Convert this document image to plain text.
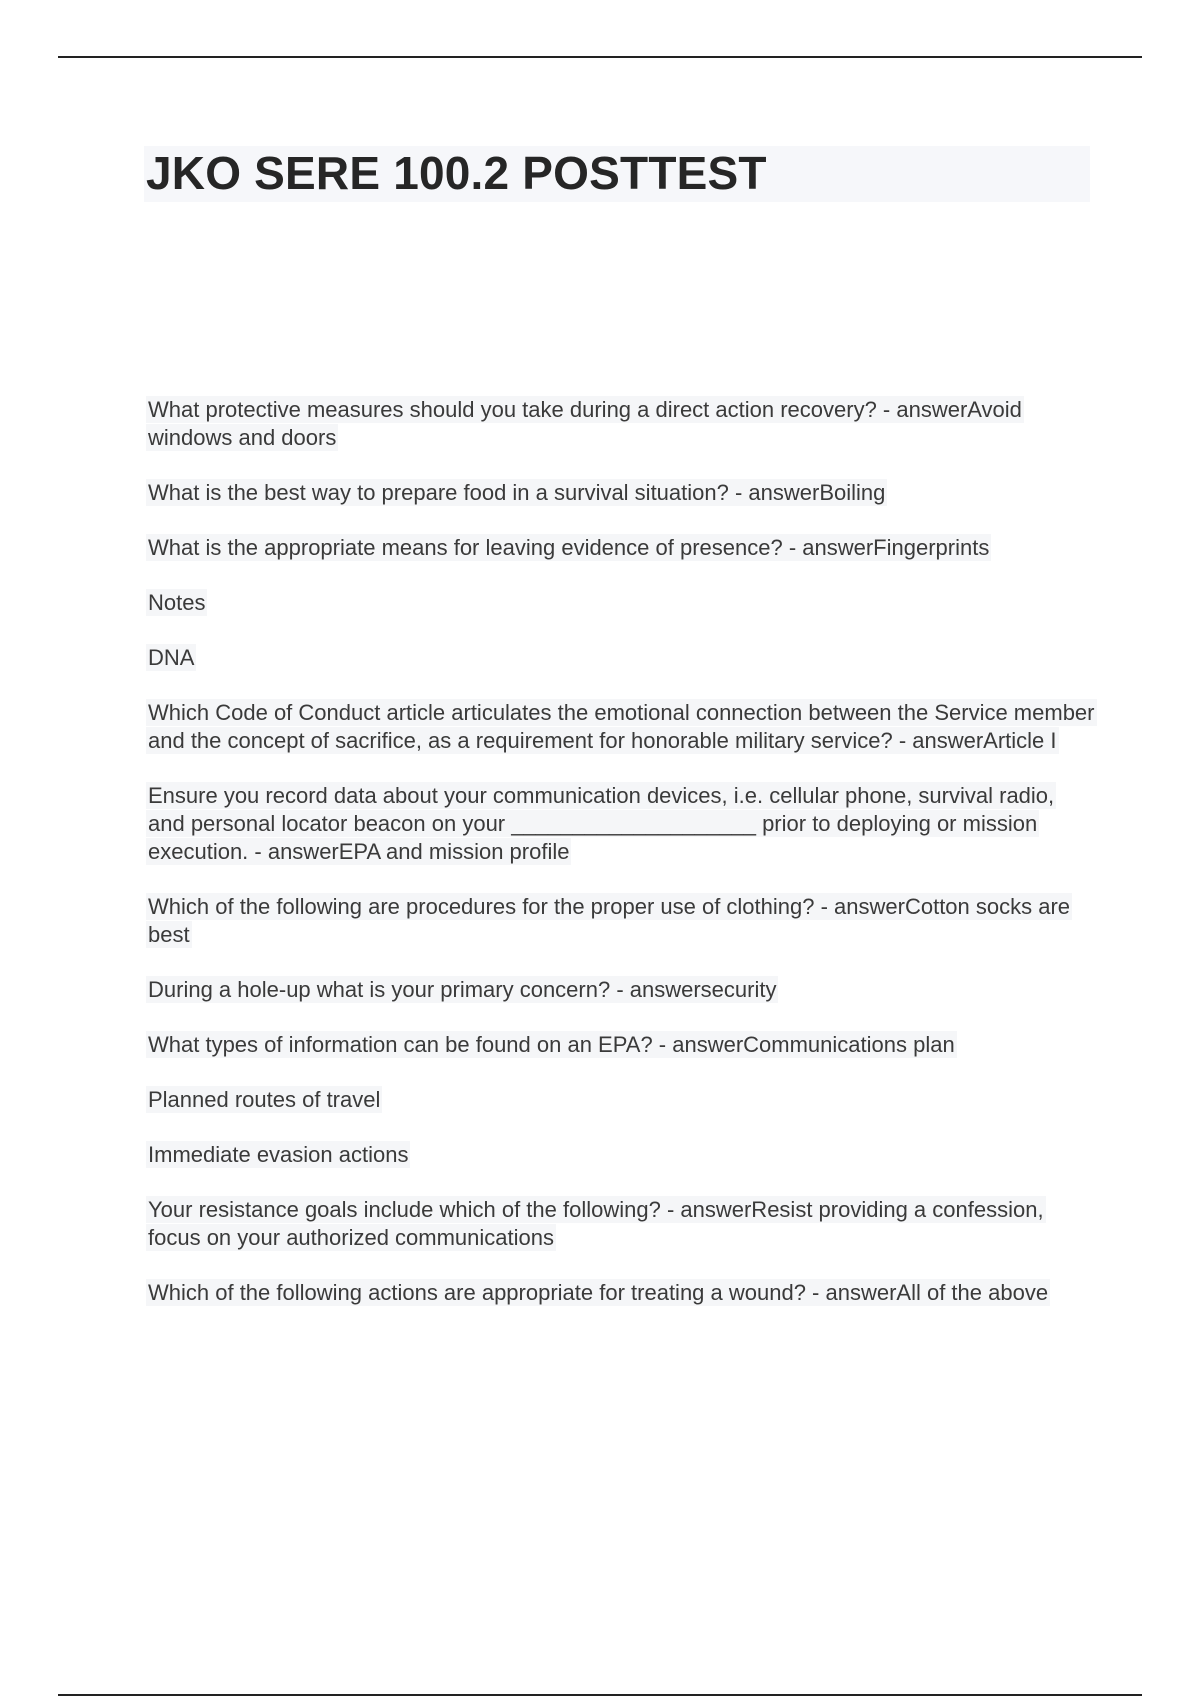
JKO SERE 100.2 POSTTEST

What protective measures should you take during a direct action recovery? - answerAvoid windows and doors

What is the best way to prepare food in a survival situation? - answerBoiling

What is the appropriate means for leaving evidence of presence? - answerFingerprints

Notes

DNA

Which Code of Conduct article articulates the emotional connection between the Service member and the concept of sacrifice, as a requirement for honorable military service? - answerArticle I

Ensure you record data about your communication devices, i.e. cellular phone, survival radio, and personal locator beacon on your ____________________ prior to deploying or mission execution. - answerEPA and mission profile

Which of the following are procedures for the proper use of clothing? - answerCotton socks are best

During a hole-up what is your primary concern? - answersecurity

What types of information can be found on an EPA? - answerCommunications plan

Planned routes of travel

Immediate evasion actions

Your resistance goals include which of the following? - answerResist providing a confession, focus on your authorized communications

Which of the following actions are appropriate for treating a wound? - answerAll of the above
